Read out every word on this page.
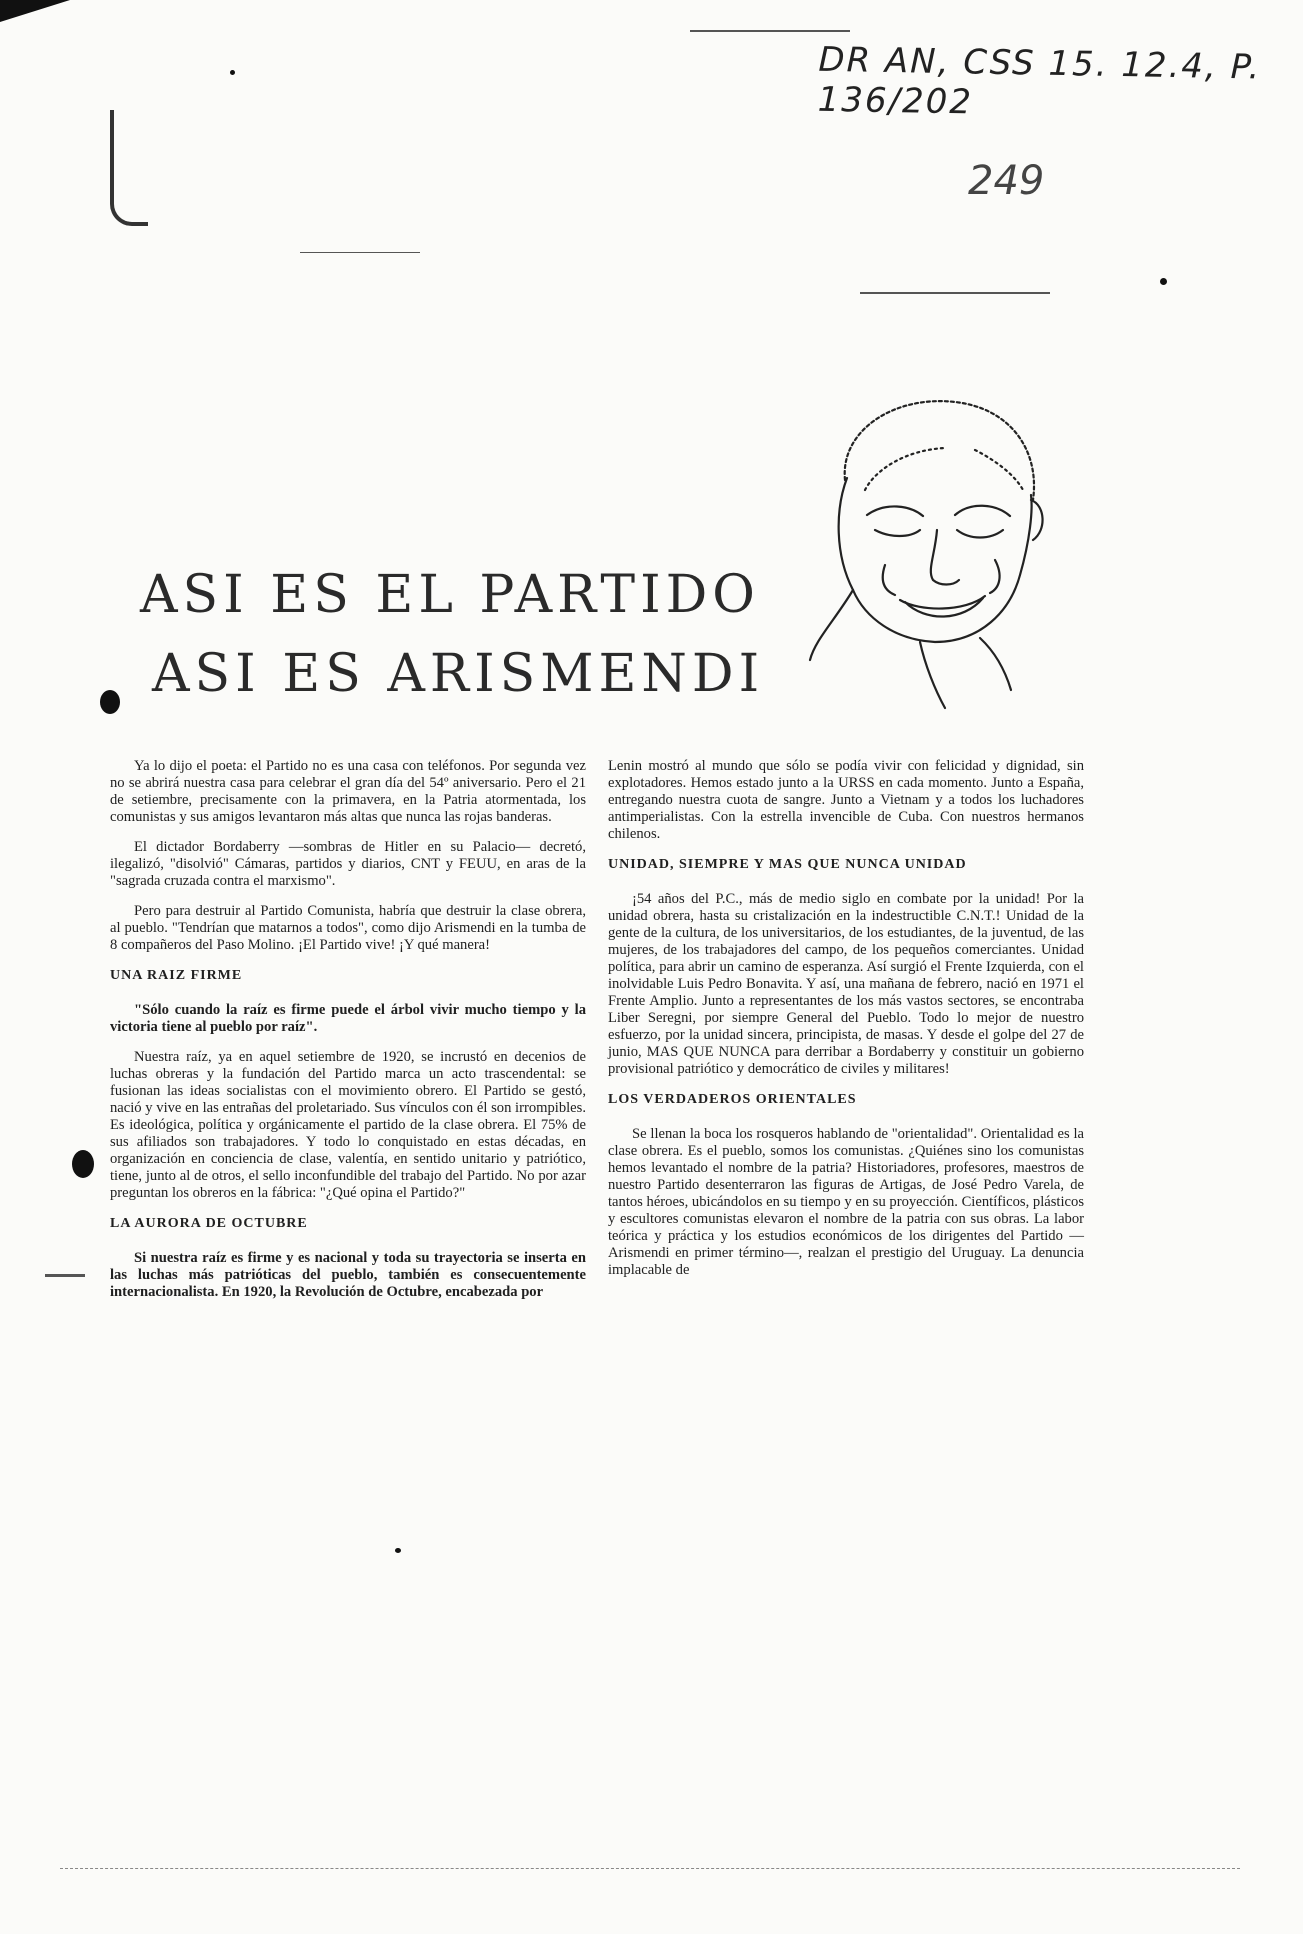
DR AN, CSS 15. 12.4, P. 136/202
249
ASI ES EL PARTIDO
ASI ES ARISMENDI

Ya lo dijo el poeta: el Partido no es una casa con teléfonos. Por segunda vez no se abrirá nuestra casa para celebrar el gran día del 54º aniversario. Pero el 21 de setiembre, precisamente con la primavera, en la Patria atormentada, los comunistas y sus amigos levantaron más altas que nunca las rojas banderas.

El dictador Bordaberry —sombras de Hitler en su Palacio— decretó, ilegalizó, "disolvió" Cámaras, partidos y diarios, CNT y FEUU, en aras de la "sagrada cruzada contra el marxismo".

Pero para destruir al Partido Comunista, habría que destruir la clase obrera, al pueblo. "Tendrían que matarnos a todos", como dijo Arismendi en la tumba de 8 compañeros del Paso Molino. ¡El Partido vive! ¡Y qué manera!

UNA RAIZ FIRME

"Sólo cuando la raíz es firme puede el árbol vivir mucho tiempo y la victoria tiene al pueblo por raíz".

Nuestra raíz, ya en aquel setiembre de 1920, se incrustó en decenios de luchas obreras y la fundación del Partido marca un acto trascendental: se fusionan las ideas socialistas con el movimiento obrero. El Partido se gestó, nació y vive en las entrañas del proletariado. Sus vínculos con él son irrompibles. Es ideológica, política y orgánicamente el partido de la clase obrera. El 75% de sus afiliados son trabajadores. Y todo lo conquistado en estas décadas, en organización en conciencia de clase, valentía, en sentido unitario y patriótico, tiene, junto al de otros, el sello inconfundible del trabajo del Partido. No por azar preguntan los obreros en la fábrica: "¿Qué opina el Partido?"

LA AURORA DE OCTUBRE

Si nuestra raíz es firme y es nacional y toda su trayectoria se inserta en las luchas más patrióticas del pueblo, también es consecuentemente internacionalista. En 1920, la Revolución de Octubre, encabezada por

Lenin mostró al mundo que sólo se podía vivir con felicidad y dignidad, sin explotadores. Hemos estado junto a la URSS en cada momento. Junto a España, entregando nuestra cuota de sangre. Junto a Vietnam y a todos los luchadores antimperialistas. Con la estrella invencible de Cuba. Con nuestros hermanos chilenos.

UNIDAD, SIEMPRE Y MAS QUE NUNCA UNIDAD

¡54 años del P.C., más de medio siglo en combate por la unidad! Por la unidad obrera, hasta su cristalización en la indestructible C.N.T.! Unidad de la gente de la cultura, de los universitarios, de los estudiantes, de la juventud, de las mujeres, de los trabajadores del campo, de los pequeños comerciantes. Unidad política, para abrir un camino de esperanza. Así surgió el Frente Izquierda, con el inolvidable Luis Pedro Bonavita. Y así, una mañana de febrero, nació en 1971 el Frente Amplio. Junto a representantes de los más vastos sectores, se encontraba Liber Seregni, por siempre General del Pueblo. Todo lo mejor de nuestro esfuerzo, por la unidad sincera, principista, de masas. Y desde el golpe del 27 de junio, MAS QUE NUNCA para derribar a Bordaberry y constituir un gobierno provisional patriótico y democrático de civiles y militares!

LOS VERDADEROS ORIENTALES

Se llenan la boca los rosqueros hablando de "orientalidad". Orientalidad es la clase obrera. Es el pueblo, somos los comunistas. ¿Quiénes sino los comunistas hemos levantado el nombre de la patria? Historiadores, profesores, maestros de nuestro Partido desenterraron las figuras de Artigas, de José Pedro Varela, de tantos héroes, ubicándolos en su tiempo y en su proyección. Científicos, plásticos y escultores comunistas elevaron el nombre de la patria con sus obras. La labor teórica y práctica y los estudios económicos de los dirigentes del Partido —Arismendi en primer término—, realzan el prestigio del Uruguay. La denuncia implacable de
